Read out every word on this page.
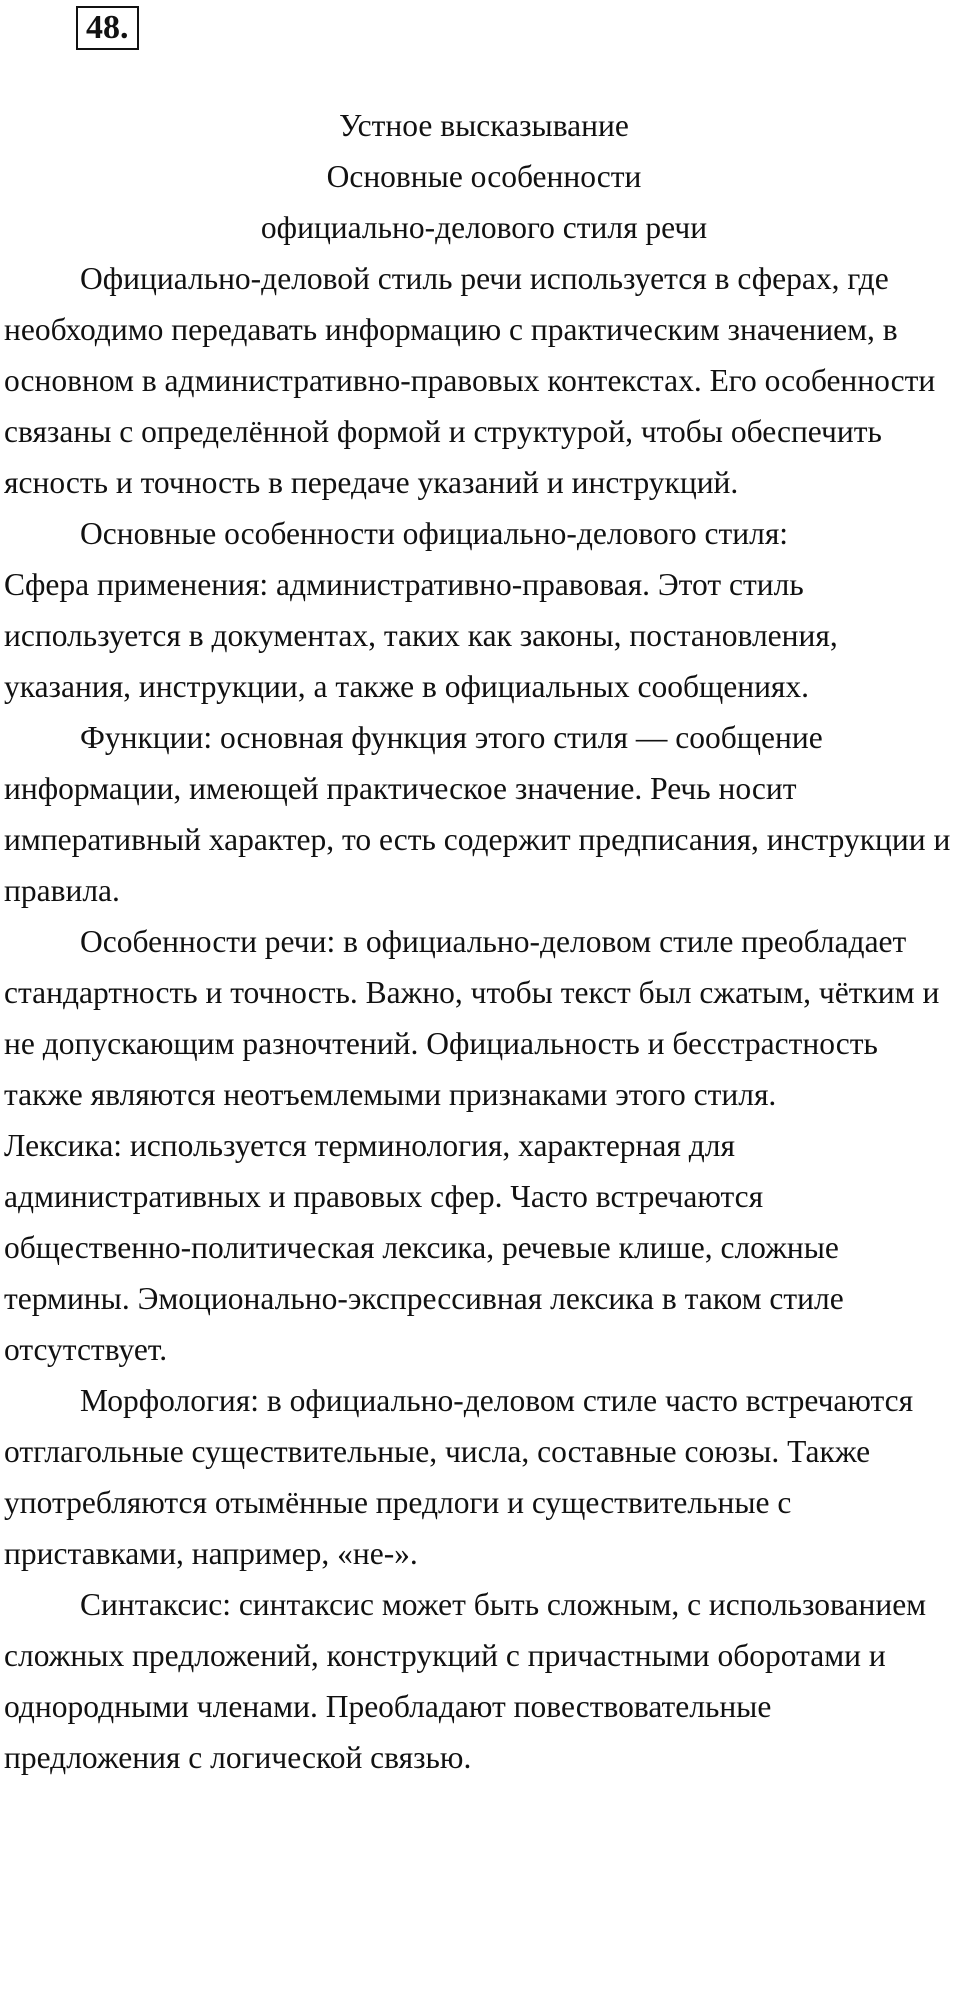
48.
Устное высказывание
Основные особенности
официально-делового стиля речи

Официально-деловой стиль речи используется в сферах, где необходимо передавать информацию с практическим значением, в основном в административно-правовых контекстах. Его особенности связаны с определённой формой и структурой, чтобы обеспечить ясность и точность в передаче указаний и инструкций.

Основные особенности официально-делового стиля:

Сфера применения: административно-правовая. Этот стиль используется в документах, таких как законы, постановления, указания, инструкции, а также в официальных сообщениях.

Функции: основная функция этого стиля — сообщение информации, имеющей практическое значение. Речь носит императивный характер, то есть содержит предписания, инструкции и правила.

Особенности речи: в официально-деловом стиле преобладает стандартность и точность. Важно, чтобы текст был сжатым, чётким и не допускающим разночтений. Официальность и бесстрастность также являются неотъемлемыми признаками этого стиля.

Лексика: используется терминология, характерная для административных и правовых сфер. Часто встречаются общественно-политическая лексика, речевые клише, сложные термины. Эмоционально-экспрессивная лексика в таком стиле отсутствует.

Морфология: в официально-деловом стиле часто встречаются отглагольные существительные, числа, составные союзы. Также употребляются отымённые предлоги и существительные с приставками, например, «не-».

Синтаксис: синтаксис может быть сложным, с использованием сложных предложений, конструкций с причастными оборотами и однородными членами. Преобладают повествовательные предложения с логической связью.
